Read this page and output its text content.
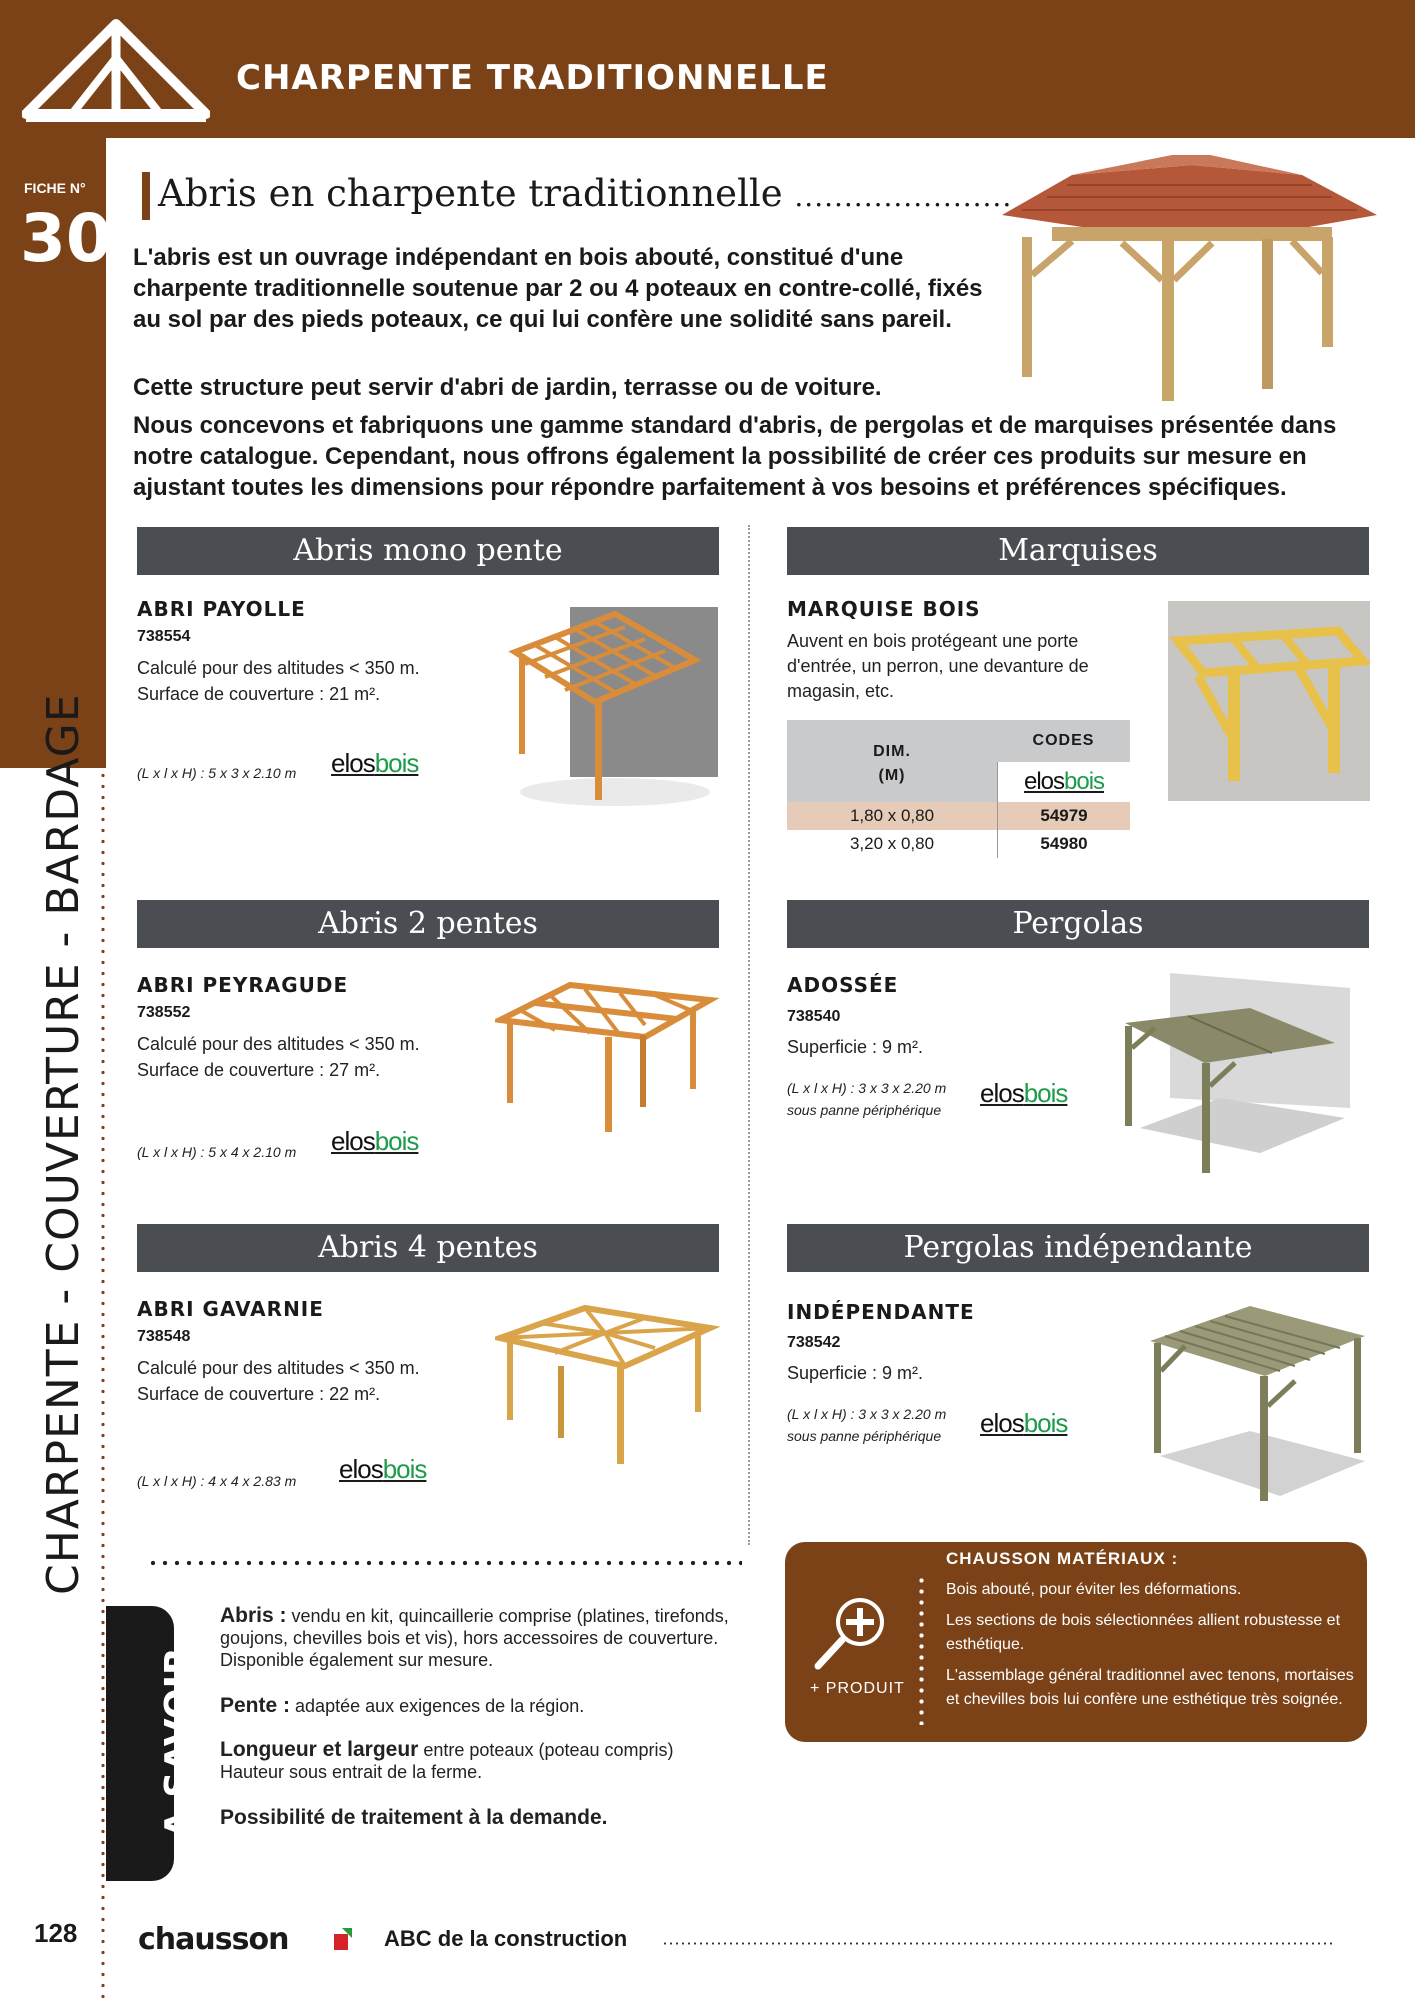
CHARPENTE TRADITIONNELLE
FICHE N°
30
CHARPENTE - COUVERTURE - BARDAGE
Abris en charpente traditionnelle ......................
L'abris est un ouvrage indépendant en bois abouté, constitué d'une charpente traditionnelle soutenue par 2 ou 4 poteaux en contre-collé, fixés au sol par des pieds poteaux, ce qui lui confère une solidité sans pareil.
Cette structure peut servir d'abri de jardin, terrasse ou de voiture.
Nous concevons et fabriquons une gamme standard d'abris, de pergolas et de marquises présentée dans notre catalogue. Cependant, nous offrons également la possibilité de créer ces produits sur mesure en ajustant toutes les dimensions pour répondre parfaitement à vos besoins et préférences spécifiques.
Abris mono pente
ABRI PAYOLLE
738554
Calculé pour des altitudes < 350 m.
Surface de couverture : 21 m².
(L x l x H) : 5 x 3 x 2.10 m elosbois
Abris 2 pentes
ABRI PEYRAGUDE
738552
Calculé pour des altitudes < 350 m.
Surface de couverture : 27 m².
(L x l x H) : 5 x 4 x 2.10 m elosbois
Abris 4 pentes
ABRI GAVARNIE
738548
Calculé pour des altitudes < 350 m.
Surface de couverture : 22 m².
(L x l x H) : 4 x 4 x 2.83 m elosbois
Marquises
MARQUISE BOIS
Auvent en bois protégeant une porte d'entrée, un perron, une devanture de magasin, etc.
DIM.
(M)
CODES
elosbois
1,80 x 0,80	54979
3,20 x 0,80	54980
Pergolas
ADOSSÉE
738540
Superficie : 9 m².
(L x l x H) : 3 x 3 x 2.20 m
sous panne périphérique
elosbois
Pergolas indépendante
INDÉPENDANTE
738542
Superficie : 9 m².
(L x l x H) : 3 x 3 x 2.20 m
sous panne périphérique elosbois
A SAVOIR

Abris : vendu en kit, quincaillerie comprise (platines, tirefonds, goujons, chevilles bois et vis), hors accessoires de couverture.

Disponible également sur mesure.

Pente : adaptée aux exigences de la région.

Longueur et largeur entre poteaux (poteau compris)

Hauteur sous entrait de la ferme.

Possibilité de traitement à la demande.

+ PRODUIT
CHAUSSON MATÉRIAUX :
Bois abouté, pour éviter les déformations.
Les sections de bois sélectionnées allient robustesse et esthétique.
L'assemblage général traditionnel avec tenons, mortaises et chevilles bois lui confère une esthétique très soignée.
128 chausson	ABC de la construction
